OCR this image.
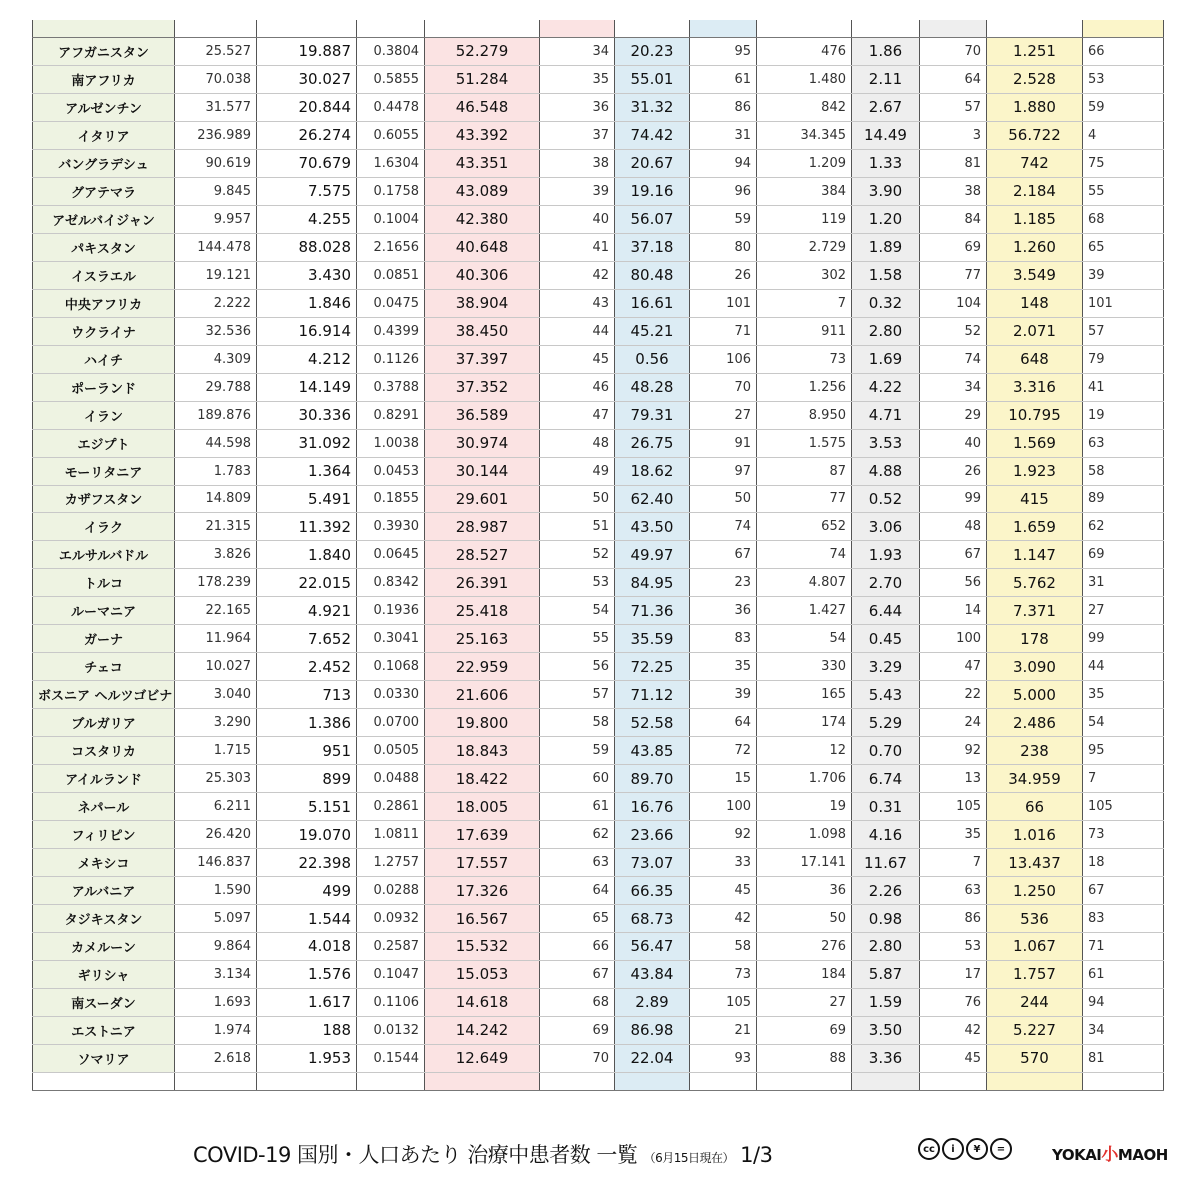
アフガニスタン	25.527	19.887	0.3804	52.279	34	20.23	95	476	1.86	70	1.251	66
南アフリカ	70.038	30.027	0.5855	51.284	35	55.01	61	1.480	2.11	64	2.528	53
アルゼンチン	31.577	20.844	0.4478	46.548	36	31.32	86	842	2.67	57	1.880	59
イタリア	236.989	26.274	0.6055	43.392	37	74.42	31	34.345	14.49	3	56.722	4
バングラデシュ	90.619	70.679	1.6304	43.351	38	20.67	94	1.209	1.33	81	742	75
グアテマラ	9.845	7.575	0.1758	43.089	39	19.16	96	384	3.90	38	2.184	55
アゼルバイジャン	9.957	4.255	0.1004	42.380	40	56.07	59	119	1.20	84	1.185	68
パキスタン	144.478	88.028	2.1656	40.648	41	37.18	80	2.729	1.89	69	1.260	65
イスラエル	19.121	3.430	0.0851	40.306	42	80.48	26	302	1.58	77	3.549	39
中央アフリカ	2.222	1.846	0.0475	38.904	43	16.61	101	7	0.32	104	148	101
ウクライナ	32.536	16.914	0.4399	38.450	44	45.21	71	911	2.80	52	2.071	57
ハイチ	4.309	4.212	0.1126	37.397	45	0.56	106	73	1.69	74	648	79
ポーランド	29.788	14.149	0.3788	37.352	46	48.28	70	1.256	4.22	34	3.316	41
イラン	189.876	30.336	0.8291	36.589	47	79.31	27	8.950	4.71	29	10.795	19
エジプト	44.598	31.092	1.0038	30.974	48	26.75	91	1.575	3.53	40	1.569	63
モーリタニア	1.783	1.364	0.0453	30.144	49	18.62	97	87	4.88	26	1.923	58
カザフスタン	14.809	5.491	0.1855	29.601	50	62.40	50	77	0.52	99	415	89
イラク	21.315	11.392	0.3930	28.987	51	43.50	74	652	3.06	48	1.659	62
エルサルバドル	3.826	1.840	0.0645	28.527	52	49.97	67	74	1.93	67	1.147	69
トルコ	178.239	22.015	0.8342	26.391	53	84.95	23	4.807	2.70	56	5.762	31
ルーマニア	22.165	4.921	0.1936	25.418	54	71.36	36	1.427	6.44	14	7.371	27
ガーナ	11.964	7.652	0.3041	25.163	55	35.59	83	54	0.45	100	178	99
チェコ	10.027	2.452	0.1068	22.959	56	72.25	35	330	3.29	47	3.090	44
ボスニア ヘルツゴビナ	3.040	713	0.0330	21.606	57	71.12	39	165	5.43	22	5.000	35
ブルガリア	3.290	1.386	0.0700	19.800	58	52.58	64	174	5.29	24	2.486	54
コスタリカ	1.715	951	0.0505	18.843	59	43.85	72	12	0.70	92	238	95
アイルランド	25.303	899	0.0488	18.422	60	89.70	15	1.706	6.74	13	34.959	7
ネパール	6.211	5.151	0.2861	18.005	61	16.76	100	19	0.31	105	66	105
フィリピン	26.420	19.070	1.0811	17.639	62	23.66	92	1.098	4.16	35	1.016	73
メキシコ	146.837	22.398	1.2757	17.557	63	73.07	33	17.141	11.67	7	13.437	18
アルバニア	1.590	499	0.0288	17.326	64	66.35	45	36	2.26	63	1.250	67
タジキスタン	5.097	1.544	0.0932	16.567	65	68.73	42	50	0.98	86	536	83
カメルーン	9.864	4.018	0.2587	15.532	66	56.47	58	276	2.80	53	1.067	71
ギリシャ	3.134	1.576	0.1047	15.053	67	43.84	73	184	5.87	17	1.757	61
南スーダン	1.693	1.617	0.1106	14.618	68	2.89	105	27	1.59	76	244	94
エストニア	1.974	188	0.0132	14.242	69	86.98	21	69	3.50	42	5.227	34
ソマリア	2.618	1.953	0.1544	12.649	70	22.04	93	88	3.36	45	570	81

COVID-19 国別・人口あたり 治療中患者数 一覧 （6月15日現在） 1/3	cc	i	¥	=	YOKAI小MAOH
